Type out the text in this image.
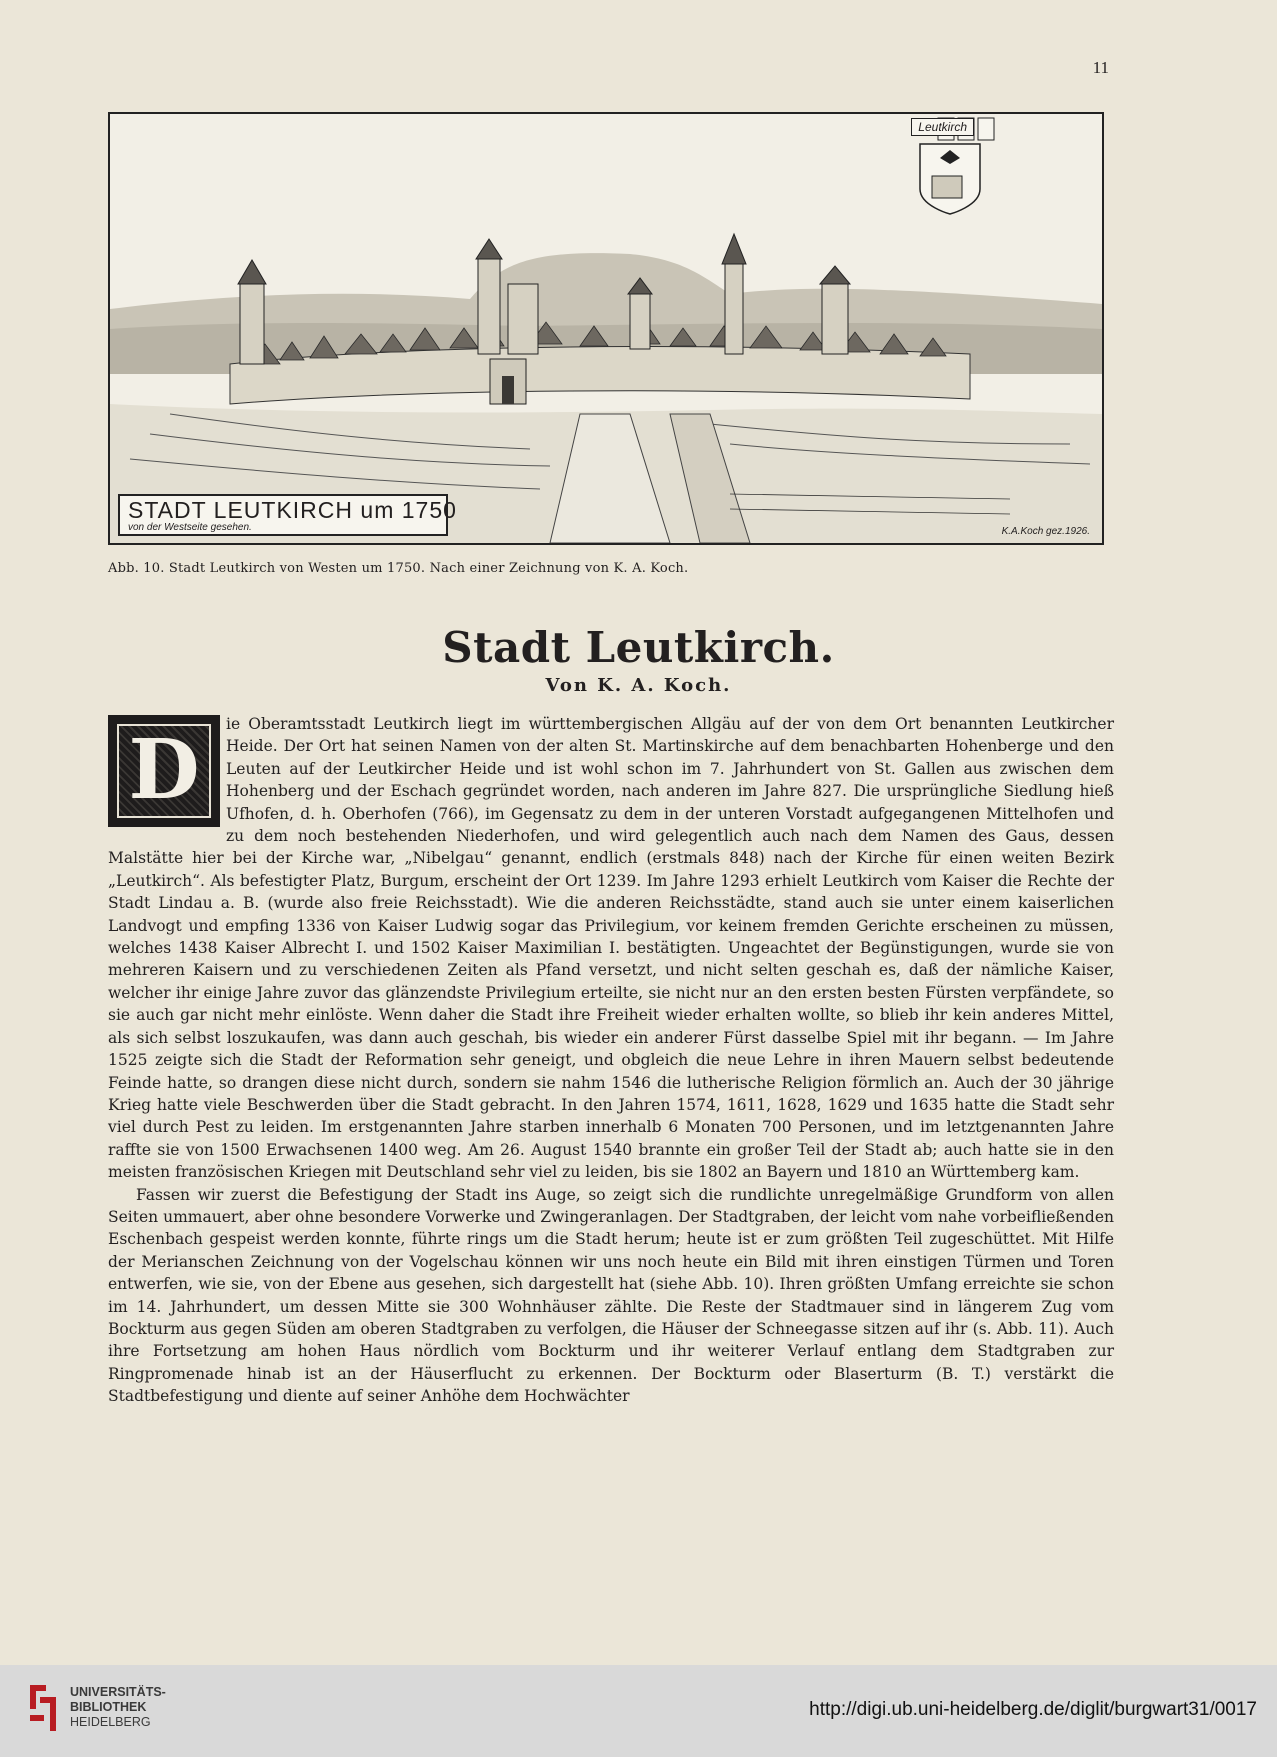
11
Leutkirch
STADT LEUTKIRCH um 1750
von der Westseite gesehen.	K.A.Koch gez.1926.
Abb. 10. Stadt Leutkirch von Westen um 1750. Nach einer Zeichnung von K. A. Koch.
Stadt Leutkirch.
Von K. A. Koch.
D	ie Oberamtsstadt Leutkirch liegt im württembergischen Allgäu auf der von dem Ort benannten Leutkircher Heide. Der Ort hat seinen Namen von der alten St. Martinskirche auf dem benachbarten Hohenberge und den Leuten auf der Leutkircher Heide und ist wohl schon im 7. Jahrhundert von St. Gallen aus zwischen dem Hohenberg und der Eschach gegründet worden, nach anderen im Jahre 827. Die ursprüngliche Siedlung hieß Ufhofen, d. h. Oberhofen (766), im Gegensatz zu dem in der unteren Vorstadt aufgegangenen Mittelhofen und zu dem noch bestehenden Niederhofen, und wird gelegentlich auch nach dem Namen des Gaus, dessen Malstätte hier bei der Kirche war, „Nibelgau“ genannt, endlich (erstmals 848) nach der Kirche für einen weiten Bezirk „Leutkirch“. Als befestigter Platz, Burgum, erscheint der Ort 1239. Im Jahre 1293 erhielt Leutkirch vom Kaiser die Rechte der Stadt Lindau a. B. (wurde also freie Reichsstadt). Wie die anderen Reichsstädte, stand auch sie unter einem kaiserlichen Landvogt und empfing 1336 von Kaiser Ludwig sogar das Privilegium, vor keinem fremden Gerichte erscheinen zu müssen, welches 1438 Kaiser Albrecht I. und 1502 Kaiser Maximilian I. bestätigten. Ungeachtet der Begünstigungen, wurde sie von mehreren Kaisern und zu verschiedenen Zeiten als Pfand versetzt, und nicht selten geschah es, daß der nämliche Kaiser, welcher ihr einige Jahre zuvor das glänzendste Privilegium erteilte, sie nicht nur an den ersten besten Fürsten verpfändete, so sie auch gar nicht mehr einlöste. Wenn daher die Stadt ihre Freiheit wieder erhalten wollte, so blieb ihr kein anderes Mittel, als sich selbst loszukaufen, was dann auch geschah, bis wieder ein anderer Fürst dasselbe Spiel mit ihr begann. — Im Jahre 1525 zeigte sich die Stadt der Reformation sehr geneigt, und obgleich die neue Lehre in ihren Mauern selbst bedeutende Feinde hatte, so drangen diese nicht durch, sondern sie nahm 1546 die lutherische Religion förmlich an. Auch der 30 jährige Krieg hatte viele Beschwerden über die Stadt gebracht. In den Jahren 1574, 1611, 1628, 1629 und 1635 hatte die Stadt sehr viel durch Pest zu leiden. Im erstgenannten Jahre starben innerhalb 6 Monaten 700 Personen, und im letztgenannten Jahre raffte sie von 1500 Erwachsenen 1400 weg. Am 26. August 1540 brannte ein großer Teil der Stadt ab; auch hatte sie in den meisten französischen Kriegen mit Deutschland sehr viel zu leiden, bis sie 1802 an Bayern und 1810 an Württemberg kam.

Fassen wir zuerst die Befestigung der Stadt ins Auge, so zeigt sich die rundlichte unregelmäßige Grundform von allen Seiten ummauert, aber ohne besondere Vorwerke und Zwingeranlagen. Der Stadtgraben, der leicht vom nahe vorbeifließenden Eschenbach gespeist werden konnte, führte rings um die Stadt herum; heute ist er zum größten Teil zugeschüttet. Mit Hilfe der Merianschen Zeichnung von der Vogelschau können wir uns noch heute ein Bild mit ihren einstigen Türmen und Toren entwerfen, wie sie, von der Ebene aus gesehen, sich dargestellt hat (siehe Abb. 10). Ihren größten Umfang erreichte sie schon im 14. Jahrhundert, um dessen Mitte sie 300 Wohnhäuser zählte. Die Reste der Stadtmauer sind in längerem Zug vom Bockturm aus gegen Süden am oberen Stadtgraben zu verfolgen, die Häuser der Schneegasse sitzen auf ihr (s. Abb. 11). Auch ihre Fortsetzung am hohen Haus nördlich vom Bockturm und ihr weiterer Verlauf entlang dem Stadtgraben zur Ringpromenade hinab ist an der Häuserflucht zu erkennen. Der Bockturm oder Blaserturm (B. T.) verstärkt die Stadtbefestigung und diente auf seiner Anhöhe dem Hochwächter

UNIVERSITÄTS-
BIBLIOTHEK
HEIDELBERG
http://digi.ub.uni-heidelberg.de/diglit/burgwart31/0017
